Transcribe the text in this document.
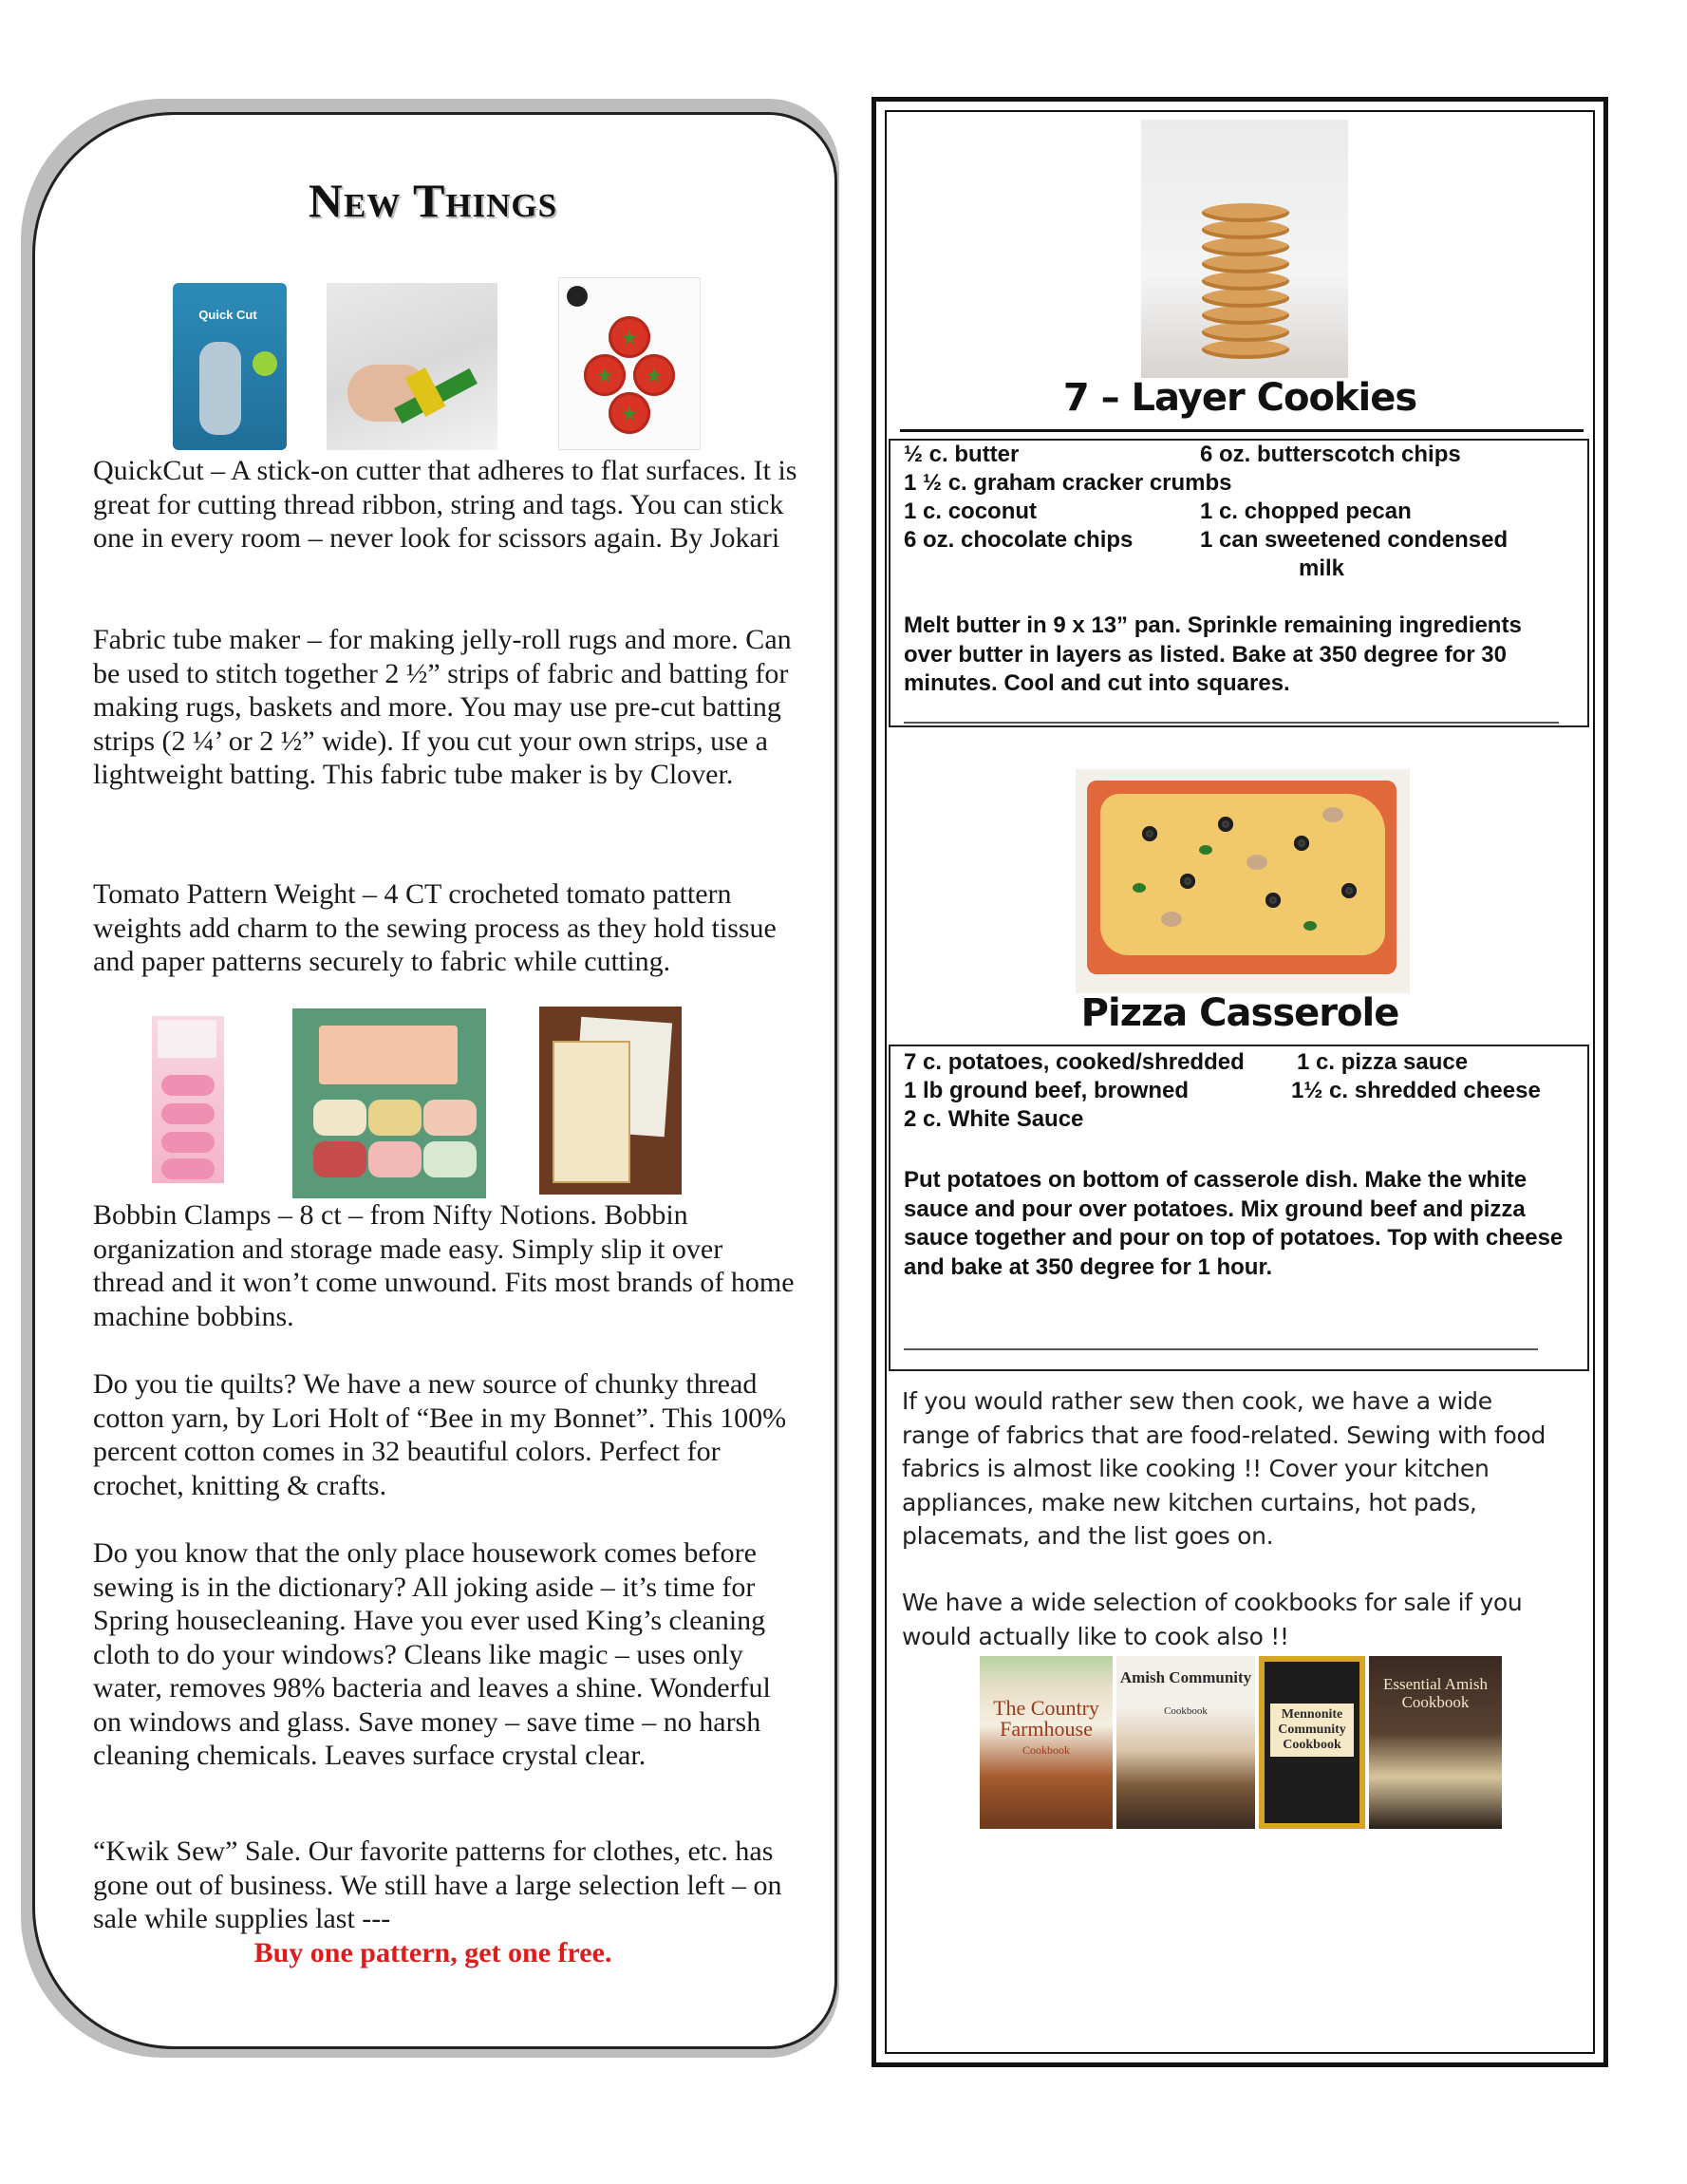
New Things
Quick Cut
QuickCut – A stick-on cutter that adheres to flat surfaces. It is great for cutting thread ribbon, string and tags. You can stick one in every room – never look for scissors again. By Jokari
Fabric tube maker – for making jelly-roll rugs and more. Can be used to stitch together 2 ½” strips of fabric and batting for making rugs, baskets and more. You may use pre-cut batting strips (2 ¼’ or 2 ½” wide). If you cut your own strips, use a lightweight batting. This fabric tube maker is by Clover.
Tomato Pattern Weight – 4 CT crocheted tomato pattern weights add charm to the sewing process as they hold tissue and paper patterns securely to fabric while cutting.
Bobbin Clamps – 8 ct – from Nifty Notions. Bobbin organization and storage made easy. Simply slip it over thread and it won’t come unwound. Fits most brands of home machine bobbins.
Do you tie quilts? We have a new source of chunky thread cotton yarn, by Lori Holt of “Bee in my Bonnet”. This 100% percent cotton comes in 32 beautiful colors. Perfect for crochet, knitting & crafts.
Do you know that the only place housework comes before sewing is in the dictionary? All joking aside – it’s time for Spring housecleaning. Have you ever used King’s cleaning cloth to do your windows? Cleans like magic – uses only water, removes 98% bacteria and leaves a shine. Wonderful on windows and glass. Save money – save time – no harsh cleaning chemicals. Leaves surface crystal clear.
“Kwik Sew” Sale. Our favorite patterns for clothes, etc. has gone out of business. We still have a large selection left – on sale while supplies last ---
Buy one pattern, get one free.
7 – Layer Cookies
½ c. butter
1 ½ c. graham cracker crumbs
1 c. coconut
6 oz. chocolate chips
6 oz. butterscotch chips
1 c. chopped pecan
1 can sweetened condensed
milk
Melt butter in 9 x 13” pan. Sprinkle remaining ingredients over butter in layers as listed. Bake at 350 degree for 30 minutes. Cool and cut into squares.
Pizza Casserole
7 c. potatoes, cooked/shredded
1 lb ground beef, browned
2 c. White Sauce
1 c. pizza sauce
1½ c. shredded cheese
Put potatoes on bottom of casserole dish. Make the white sauce and pour over potatoes. Mix ground beef and pizza sauce together and pour on top of potatoes. Top with cheese and bake at 350 degree for 1 hour.
If you would rather sew then cook, we have a wide range of fabrics that are food-related. Sewing with food fabrics is almost like cooking !! Cover your kitchen appliances, make new kitchen curtains, hot pads, placemats, and the list goes on.
We have a wide selection of cookbooks for sale if you would actually like to cook also !!
The Country Farmhouse
Cookbook
Amish Community
Cookbook	Mennonite Community Cookbook
Essential Amish Cookbook
